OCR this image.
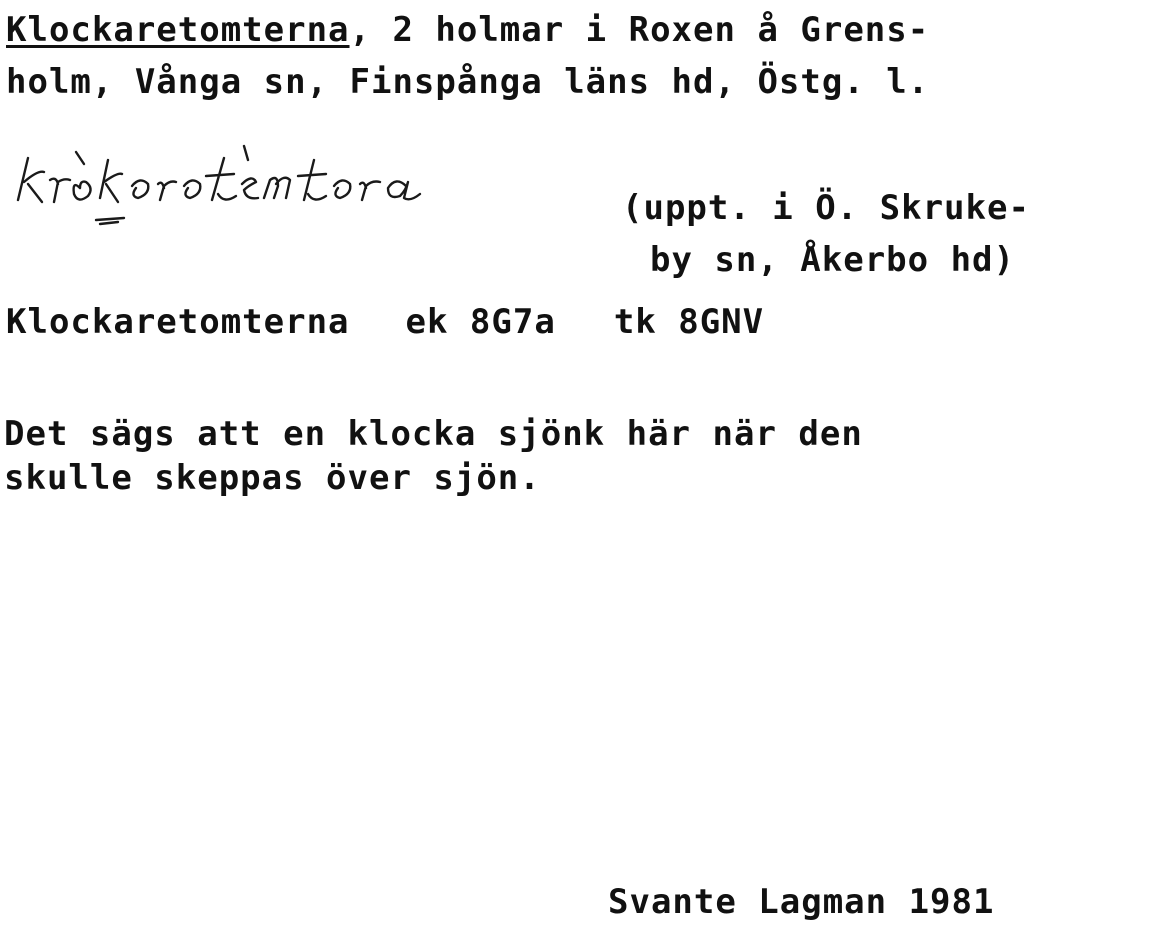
Klockaretomterna, 2 holmar i Roxen å Grens-
holm, Vånga sn, Finspånga läns hd, Östg. l.
(uppt. i Ö. Skruke-
by sn, Åkerbo hd)
Klockaretomterna ek 8G7a tk 8GNV
Det sägs att en klocka sjönk här när den
skulle skeppas över sjön.
Svante Lagman 1981
